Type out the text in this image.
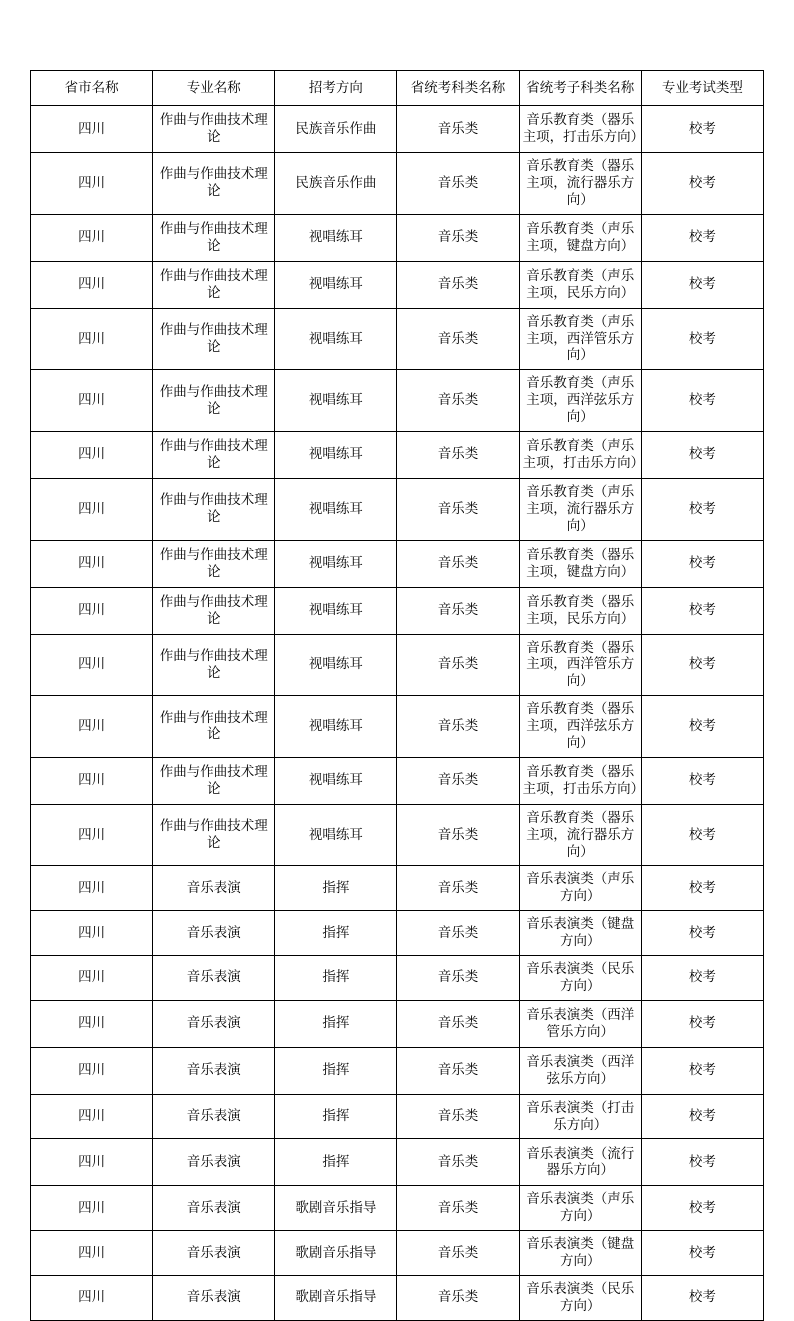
省市名称	专业名称	招考方向	省统考科类名称	省统考子科类名称	专业考试类型
四川	作曲与作曲技术理论	民族音乐作曲	音乐类	音乐教育类（器乐主项，打击乐方向）	校考
四川	作曲与作曲技术理论	民族音乐作曲	音乐类	音乐教育类（器乐主项，流行器乐方向）	校考
四川	作曲与作曲技术理论	视唱练耳	音乐类	音乐教育类（声乐主项，键盘方向）	校考
四川	作曲与作曲技术理论	视唱练耳	音乐类	音乐教育类（声乐主项，民乐方向）	校考
四川	作曲与作曲技术理论	视唱练耳	音乐类	音乐教育类（声乐主项，西洋管乐方向）	校考
四川	作曲与作曲技术理论	视唱练耳	音乐类	音乐教育类（声乐主项，西洋弦乐方向）	校考
四川	作曲与作曲技术理论	视唱练耳	音乐类	音乐教育类（声乐主项，打击乐方向）	校考
四川	作曲与作曲技术理论	视唱练耳	音乐类	音乐教育类（声乐主项，流行器乐方向）	校考
四川	作曲与作曲技术理论	视唱练耳	音乐类	音乐教育类（器乐主项，键盘方向）	校考
四川	作曲与作曲技术理论	视唱练耳	音乐类	音乐教育类（器乐主项，民乐方向）	校考
四川	作曲与作曲技术理论	视唱练耳	音乐类	音乐教育类（器乐主项，西洋管乐方向）	校考
四川	作曲与作曲技术理论	视唱练耳	音乐类	音乐教育类（器乐主项，西洋弦乐方向）	校考
四川	作曲与作曲技术理论	视唱练耳	音乐类	音乐教育类（器乐主项，打击乐方向）	校考
四川	作曲与作曲技术理论	视唱练耳	音乐类	音乐教育类（器乐主项，流行器乐方向）	校考
四川	音乐表演	指挥	音乐类	音乐表演类（声乐方向）	校考
四川	音乐表演	指挥	音乐类	音乐表演类（键盘方向）	校考
四川	音乐表演	指挥	音乐类	音乐表演类（民乐方向）	校考
四川	音乐表演	指挥	音乐类	音乐表演类（西洋管乐方向）	校考
四川	音乐表演	指挥	音乐类	音乐表演类（西洋弦乐方向）	校考
四川	音乐表演	指挥	音乐类	音乐表演类（打击乐方向）	校考
四川	音乐表演	指挥	音乐类	音乐表演类（流行器乐方向）	校考
四川	音乐表演	歌剧音乐指导	音乐类	音乐表演类（声乐方向）	校考
四川	音乐表演	歌剧音乐指导	音乐类	音乐表演类（键盘方向）	校考
四川	音乐表演	歌剧音乐指导	音乐类	音乐表演类（民乐方向）	校考
